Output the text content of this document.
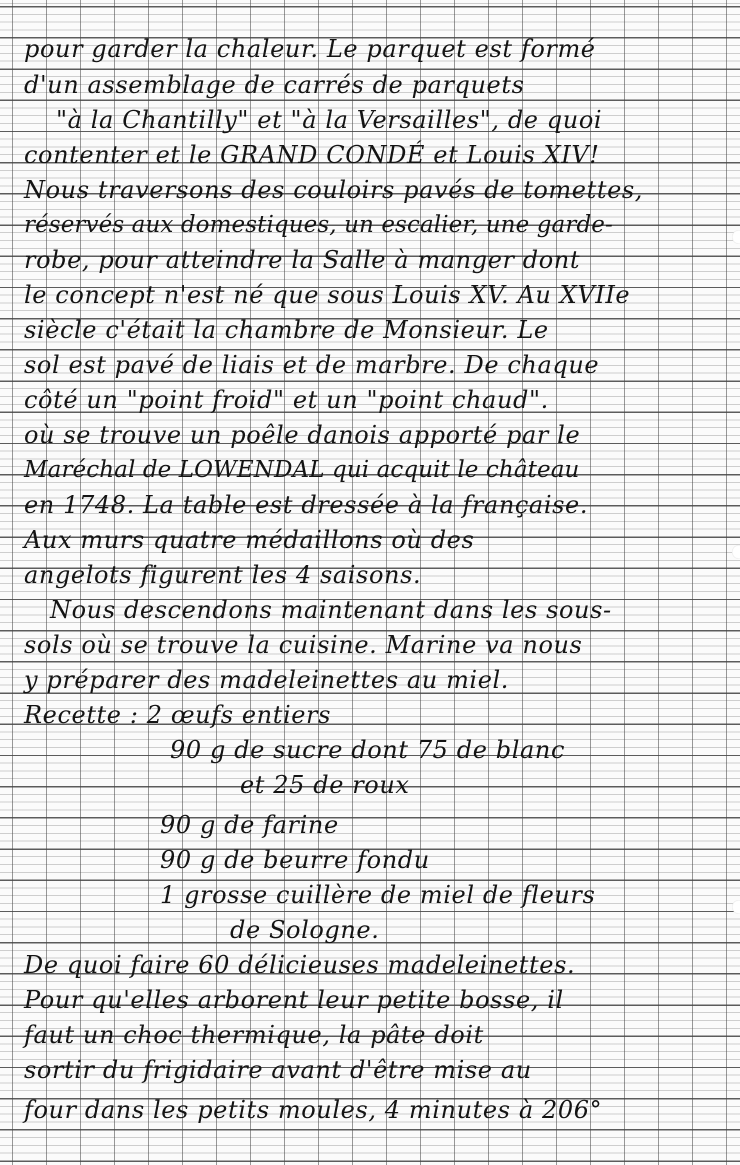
pour garder la chaleur. Le parquet est formé
d'un assemblage de carrés de parquets
"à la Chantilly" et "à la Versailles", de quoi
contenter et le GRAND CONDÉ et Louis XIV!
Nous traversons des couloirs pavés de tomettes,
réservés aux domestiques, un escalier, une garde-
robe, pour atteindre la Salle à manger dont
le concept n'est né que sous Louis XV. Au XVIIe
siècle c'était la chambre de Monsieur. Le
sol est pavé de liais et de marbre. De chaque
côté un "point froid" et un "point chaud".
où se trouve un poêle danois apporté par le
Maréchal de LOWENDAL qui acquit le château
en 1748. La table est dressée à la française.
Aux murs quatre médaillons où des
angelots figurent les 4 saisons.
Nous descendons maintenant dans les sous-
sols où se trouve la cuisine. Marine va nous
y préparer des madeleinettes au miel.
Recette : 2 œufs entiers
90 g de sucre dont 75 de blanc
et 25 de roux
90 g de farine
90 g de beurre fondu
1 grosse cuillère de miel de fleurs
de Sologne.
De quoi faire 60 délicieuses madeleinettes.
Pour qu'elles arborent leur petite bosse, il
faut un choc thermique, la pâte doit
sortir du frigidaire avant d'être mise au
four dans les petits moules, 4 minutes à 206°
